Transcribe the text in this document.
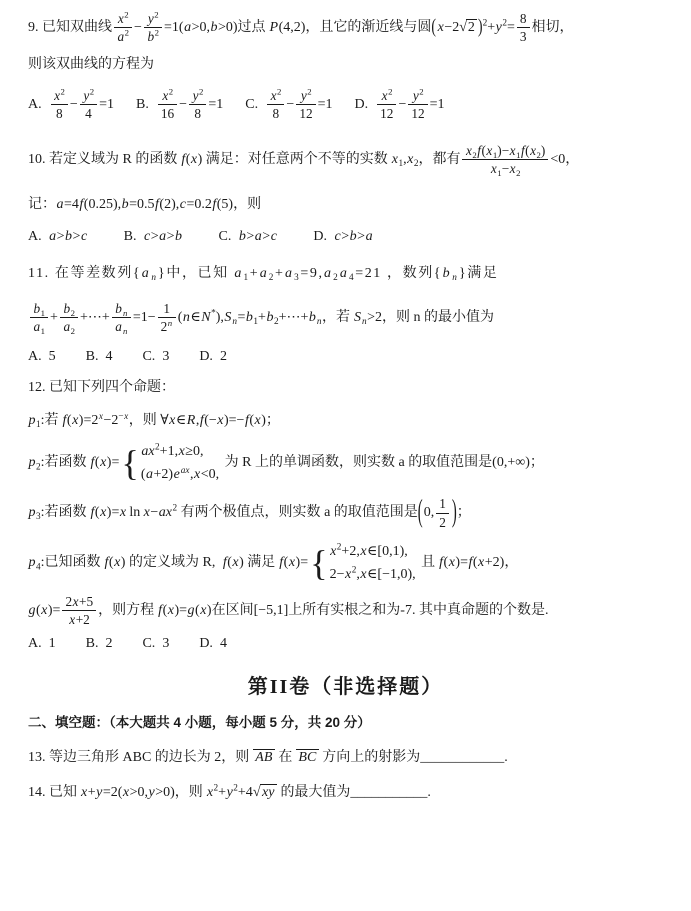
9. 已知双曲线 $\frac{x^2}{a^2} - \frac{y^2}{b^2} =1(a>0,b>0)$过点 P(4,2)，且它的渐近线与圆 ( x−2√2 ) $^2+y^2= \frac{8}{3}$ 相切，
则该双曲线的方程为
A. $\frac{x^2}{8} - \frac{y^2}{4} =1$ B. $\frac{x^2}{16} - \frac{y^2}{8} =1$ C. $\frac{x^2}{8} - \frac{y^2}{12} =1$ D. $\frac{x^2}{12} - \frac{y^2}{12} =1$
10. 若定义域为 R 的函数 f(x) 满足：对任意两个不等的实数 $x_1,x_2$，都有 $\frac{x_2f(x_1)-x_1f(x_2)}{x_1-x_2} <0$，
记：a=4f(0.25),b=0.5f(2),c=0.2f(5)，则
A. a>b>c	B. c>a>b	C. b>a>c	D. c>b>a
11. 在等差数列$\{a_n\}$中，已知 $a_1+a_2+a_3=9,a_2a_4=21$ ，数列$\{b_n\}$满足
$\frac{b_1}{a_1} + \frac{b_2}{a_2}$ +⋯+ $\frac{b_n}{a_n} =1- \frac{1}{2^n}$ $(n\in N^*),S_n=b_1+b_2+\cdots+b_n$，若 $S_n>2$，则 n 的最小值为
A.  5 B.  4 C.  3 D.  2
12. 已知下列四个命题：
$p_1$:若 $f(x)=2^x-2^{-x}$，则 ∀x∈R,f(−x)=−f(x)；
$p_2$:若函数 f(x)= { $ax^2+1,x\ge 0$,
$(a+2)e^{ax},x<0$,
为 R 上的单调函数，则实数 a 的取值范围是(0,+∞)；
$p_3$:若函数 f(x)=x  $\ln x-ax^2$ 有两个极值点，则实数 a 的取值范围是 ( 0, $\frac{1}{2}$ ) ；
$p_4$:已知函数 f(x) 的定义域为 R,  f(x) 满足 f(x)= { $x^2+2,x\in[0,1)$,
$2-x^2,x\in[-1,0)$,
且 f(x)=f(x+2)，
$g(x)= \frac{2x+5}{x+2}$ ，则方程 f(x)=g(x)在区间[−5,1]上所有实根之和为-7. 其中真命题的个数是.
A.  1 B.  2 C.  3 D.  4
第II卷（非选择题）
二、填空题：（本大题共 4 小题，每小题 5 分，共 20 分）
13. 等边三角形 ABC 的边长为 2，则 AB 在 BC 方向上的射影为____________.
14. 已知 x+y=2(x>0,y>0)，则 $x^2+y^2+4√$ xy 的最大值为___________.
